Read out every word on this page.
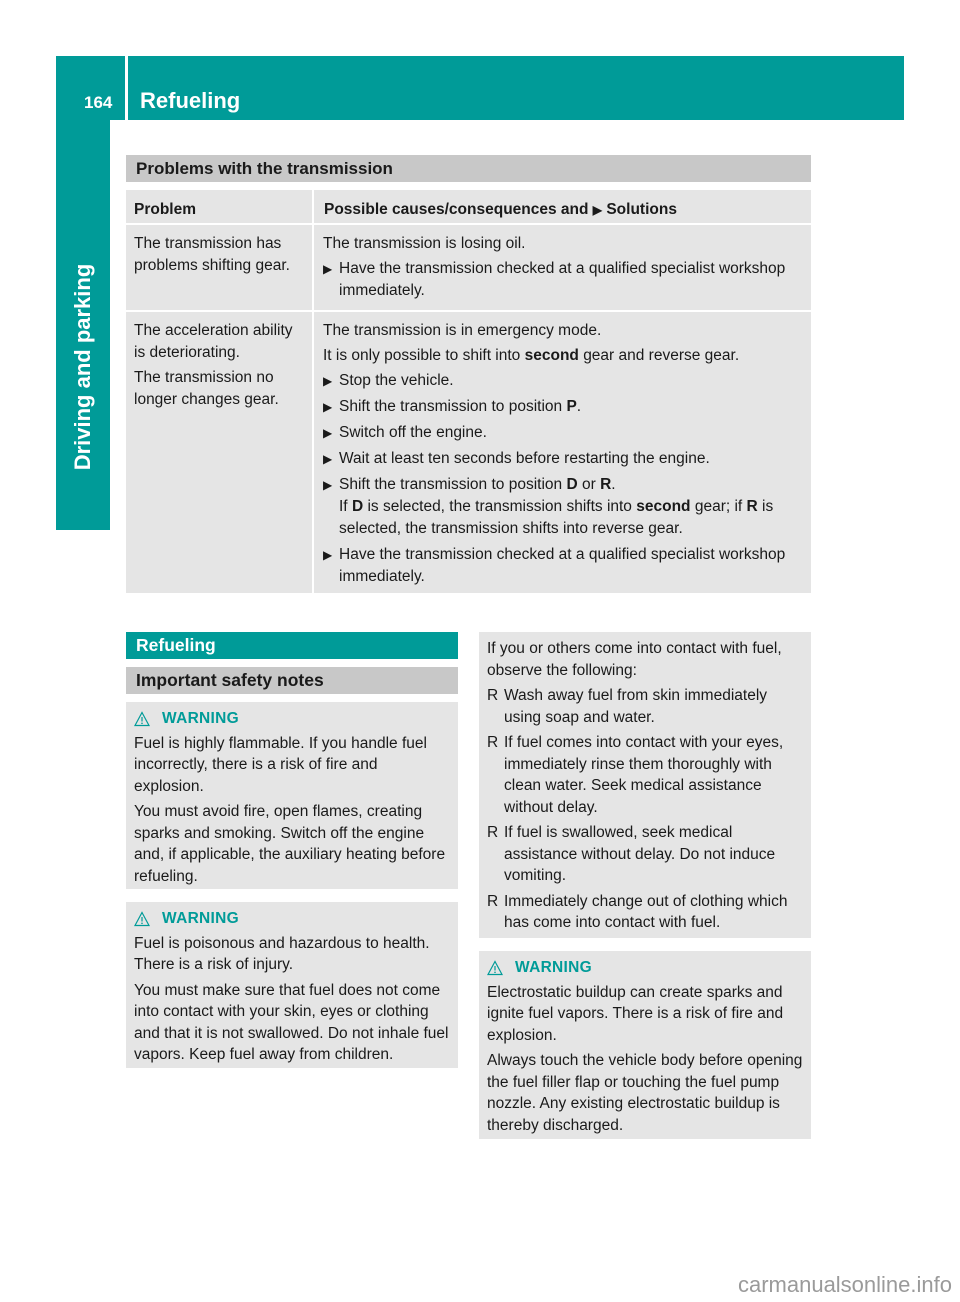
164 Refueling
Driving and parking
Problems with the transmission
Problem	Possible causes/consequences and ▶ Solutions

The transmission has problems shifting gear.

The transmission is losing oil.

▶ Have the transmission checked at a qualified specialist workshop immediately.

The acceleration ability is deteriorating.

The transmission no longer changes gear.

The transmission is in emergency mode.

It is only possible to shift into second gear and reverse gear.

▶ Stop the vehicle.
▶ Shift the transmission to position P.
▶ Switch off the engine.
▶ Wait at least ten seconds before restarting the engine.
▶ Shift the transmission to position D or R.
If D is selected, the transmission shifts into second gear; if R is selected, the transmission shifts into reverse gear.
▶ Have the transmission checked at a qualified specialist workshop immediately.
Refueling
Important safety notes
WARNING

Fuel is highly flammable. If you handle fuel incorrectly, there is a risk of fire and explosion.

You must avoid fire, open flames, creating sparks and smoking. Switch off the engine and, if applicable, the auxiliary heating before refueling.

WARNING

Fuel is poisonous and hazardous to health. There is a risk of injury.

You must make sure that fuel does not come into contact with your skin, eyes or clothing and that it is not swallowed. Do not inhale fuel vapors. Keep fuel away from children.

If you or others come into contact with fuel, observe the following:

R Wash away fuel from skin immediately using soap and water.
R If fuel comes into contact with your eyes, immediately rinse them thoroughly with clean water. Seek medical assistance without delay.
R If fuel is swallowed, seek medical assistance without delay. Do not induce vomiting.
R Immediately change out of clothing which has come into contact with fuel.
WARNING

Electrostatic buildup can create sparks and ignite fuel vapors. There is a risk of fire and explosion.

Always touch the vehicle body before opening the fuel filler flap or touching the fuel pump nozzle. Any existing electrostatic buildup is thereby discharged.

carmanualsonline.info
